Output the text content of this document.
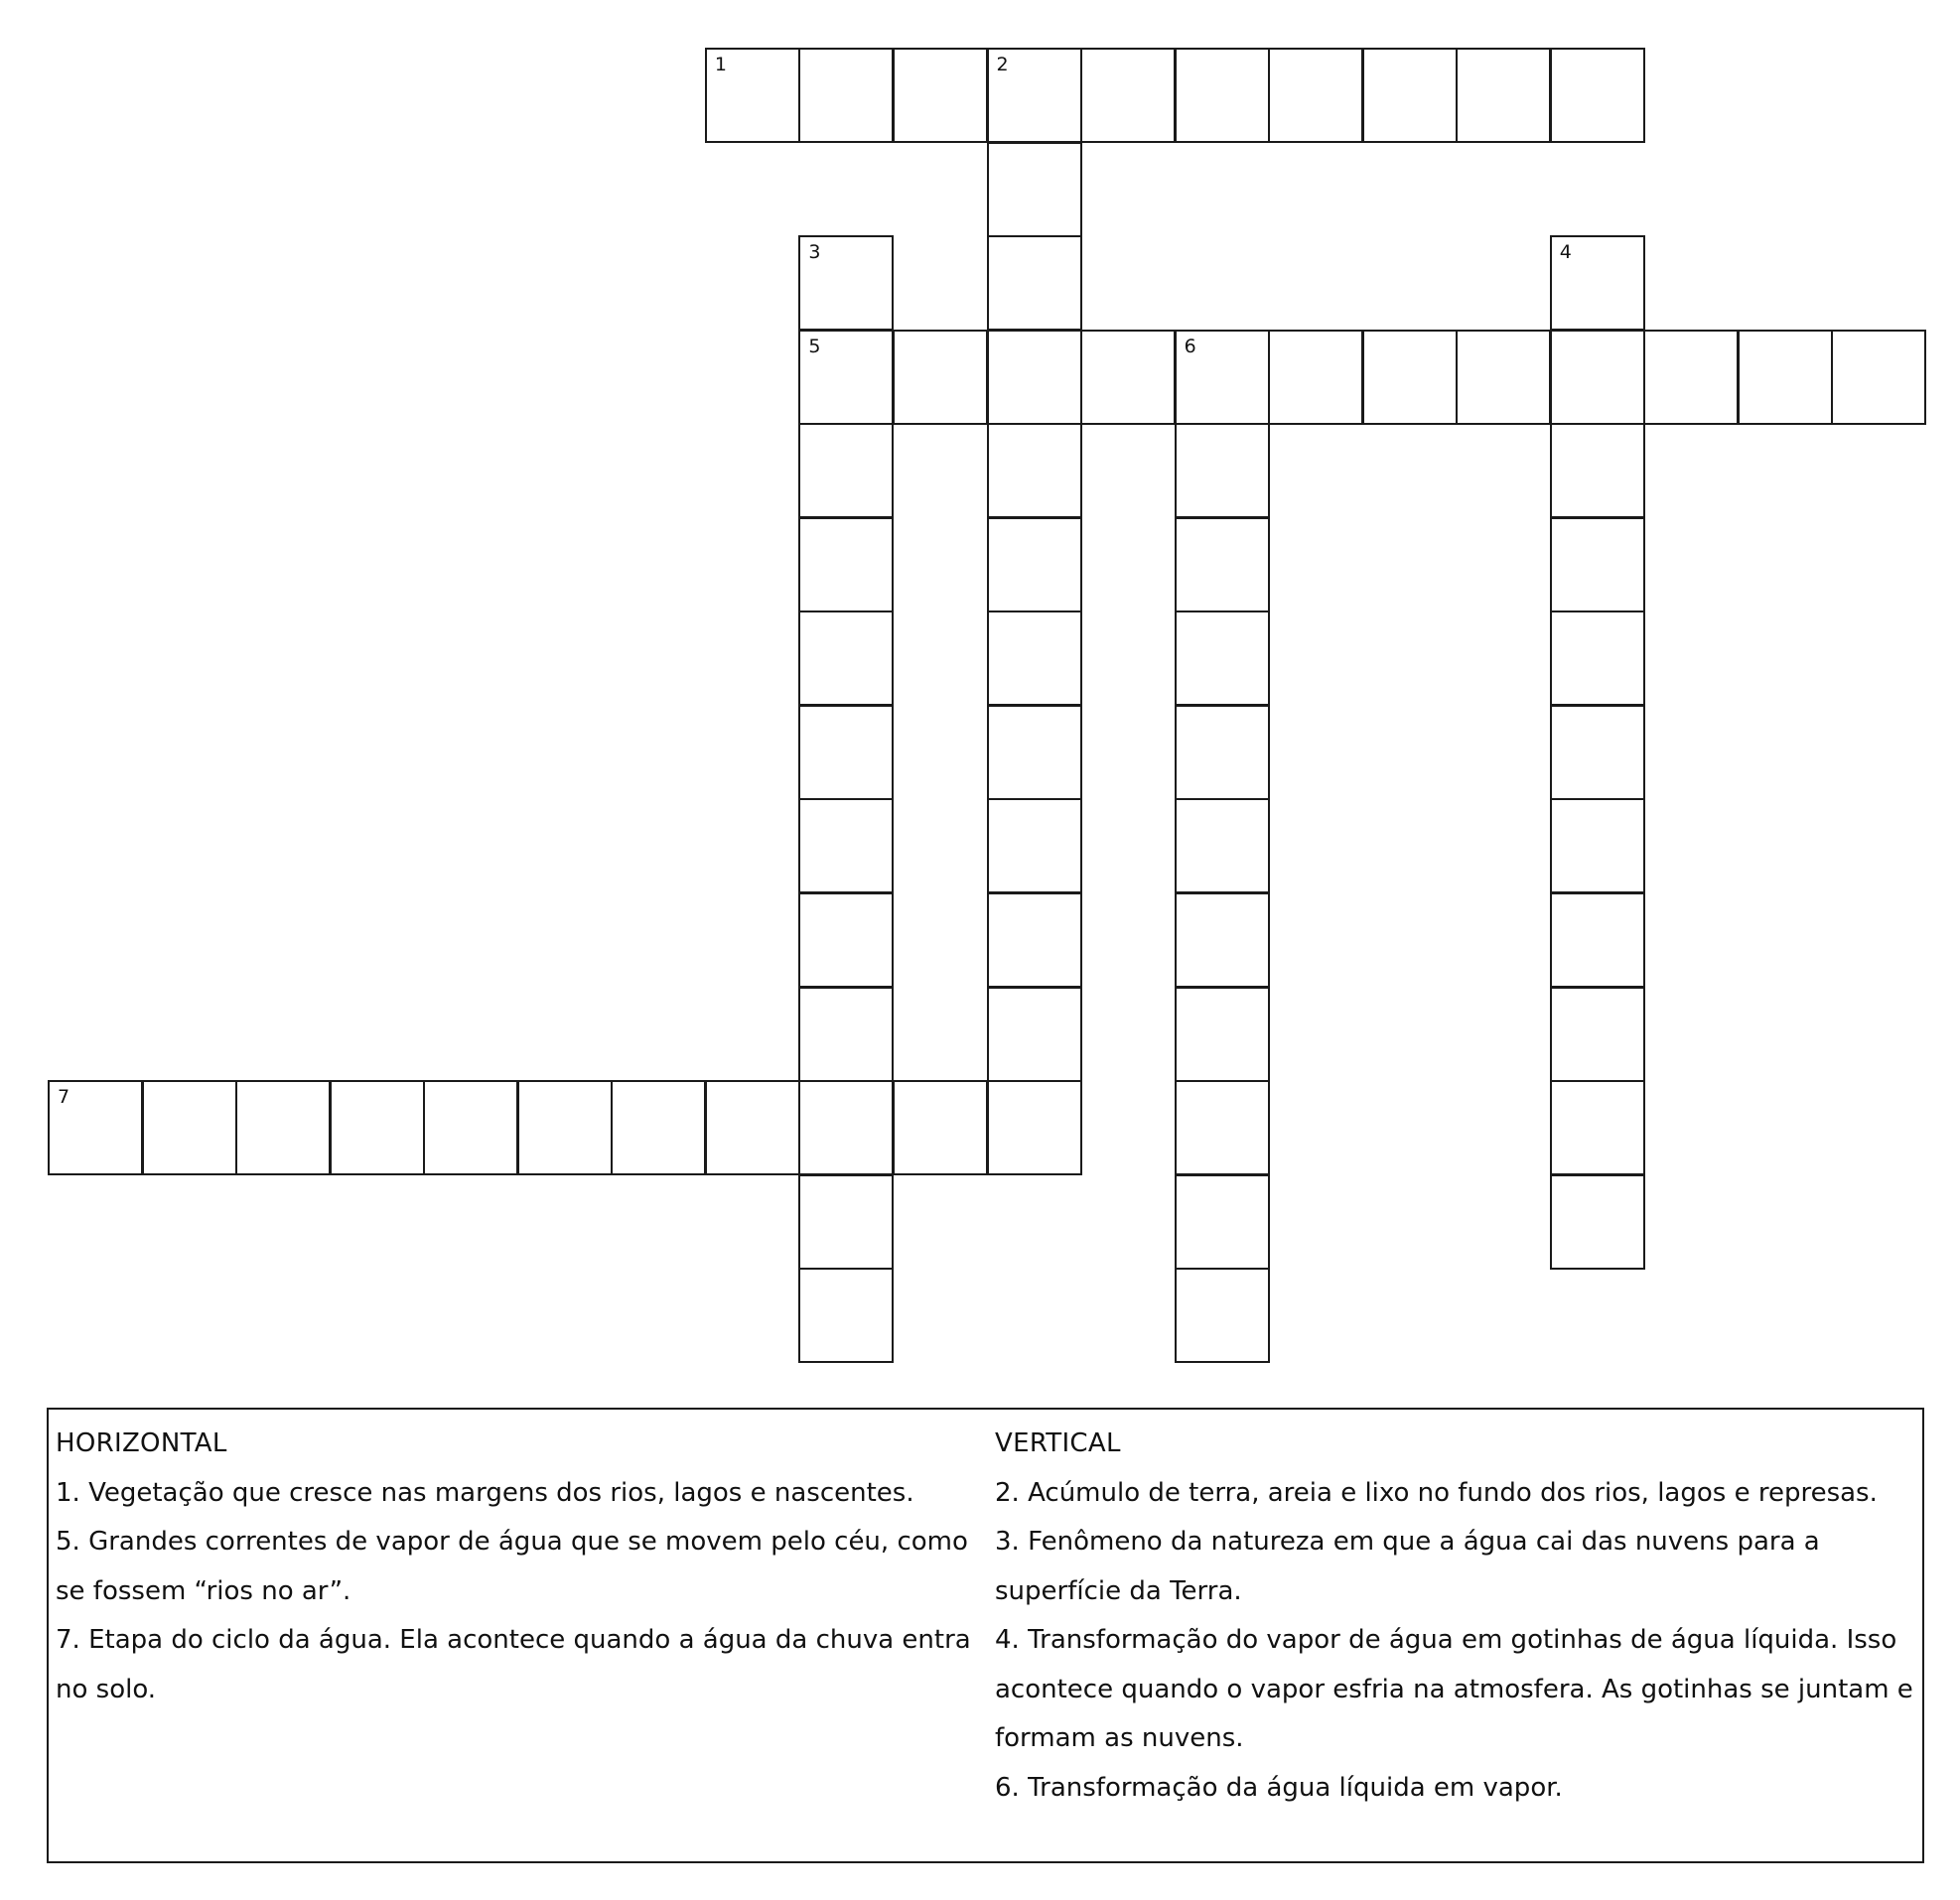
1	2
5	6
7
3	4
HORIZONTAL
1. Vegetação que cresce nas margens dos rios, lagos e nascentes.
5. Grandes correntes de vapor de água que se movem pelo céu, como se fossem “rios no ar”.
7. Etapa do ciclo da água. Ela acontece quando a água da chuva entra no solo.
VERTICAL
2. Acúmulo de terra, areia e lixo no fundo dos rios, lagos e represas.
3. Fenômeno da natureza em que a água cai das nuvens para a superfície da Terra.
4. Transformação do vapor de água em gotinhas de água líquida. Isso acontece quando o vapor esfria na atmosfera. As gotinhas se juntam e formam as nuvens.
6. Transformação da água líquida em vapor.
